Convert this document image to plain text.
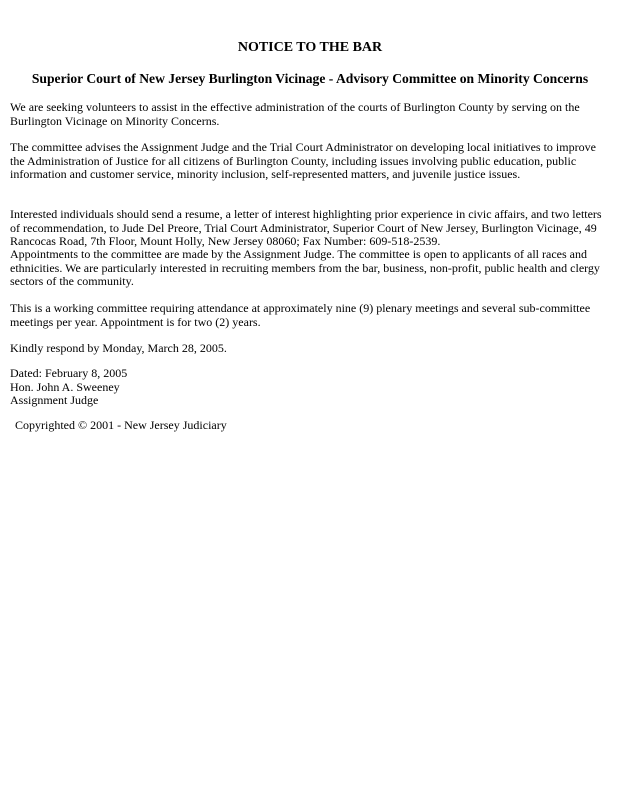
NOTICE TO THE BAR
Superior Court of New Jersey Burlington Vicinage - Advisory Committee on Minority Concerns

We are seeking volunteers to assist in the effective administration of the courts of Burlington County by serving on the Burlington Vicinage on Minority Concerns.

The committee advises the Assignment Judge and the Trial Court Administrator on developing local initiatives to improve the Administration of Justice for all citizens of Burlington County, including issues involving public education, public information and customer service, minority inclusion, self-represented matters, and juvenile justice issues.

Interested individuals should send a resume, a letter of interest highlighting prior experience in civic affairs, and two letters of recommendation, to Jude Del Preore, Trial Court Administrator, Superior Court of New Jersey, Burlington Vicinage, 49 Rancocas Road, 7th Floor, Mount Holly, New Jersey 08060; Fax Number: 609-518-2539.

Appointments to the committee are made by the Assignment Judge. The committee is open to applicants of all races and ethnicities. We are particularly interested in recruiting members from the bar, business, non-profit, public health and clergy sectors of the community.

This is a working committee requiring attendance at approximately nine (9) plenary meetings and several sub-committee meetings per year. Appointment is for two (2) years.

Kindly respond by Monday, March 28, 2005.

Dated: February 8, 2005
Hon. John A. Sweeney
Assignment Judge

Copyrighted © 2001 - New Jersey Judiciary
